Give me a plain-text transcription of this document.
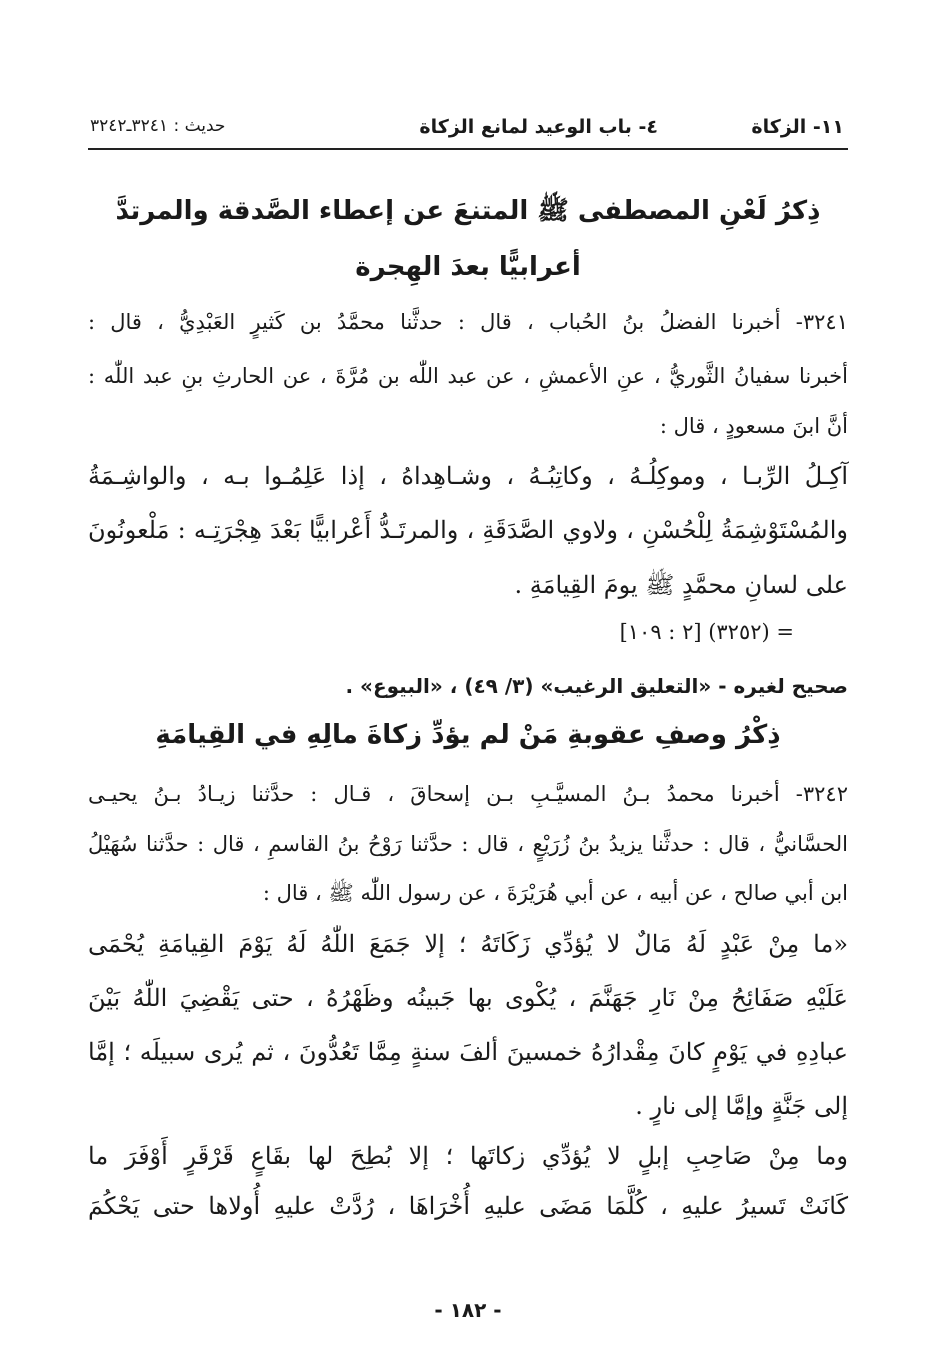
١١- الزكاة
٤- باب الوعيد لمانع الزكاة
حديث : ٣٢٤١ـ٣٢٤٢
ذِكرُ لَعْنِ المصطفى ﷺ المتنعَ عن إعطاء الصَّدقة والمرتدَّ
أعرابيًّا بعدَ الهِجرة
٣٢٤١- أخبرنا الفضلُ بنُ الحُباب ، قال : حدثَّنا محمَّدُ بن كَثيرٍ العَبْدِيُّ ، قال :
أخبرنا سفيانُ الثَّوريُّ ، عنِ الأعمشِ ، عن عبد اللّٰه بن مُرَّةَ ، عن الحارثِ بنِ عبد اللّٰه :
أنَّ ابنَ مسعودٍ ، قال :
آكِـلُ الرِّبـا ، وموكِلُـهُ ، وكاتِبُـهُ ، وشـاهِداهُ ، إذا عَلِمُـوا بـه ، والواشِـمَةُ
والمُسْتَوْشِمَةُ لِلْحُسْنِ ، ولاوي الصَّدَقَةِ ، والمرتَـدُّ أَعْرابيًّا بَعْدَ هِجْرَتِـه : مَلْعونُونَ
على لسانِ محمَّدٍ ﷺ يومَ القِيامَةِ .
= (٣٢٥٢) [٢ : ١٠٩]
صحيح لغيره - «التعليق الرغيب» (٣/ ٤٩) ، «البيوع» .
ذِكْرُ وصفِ عقوبةِ مَنْ لم يؤدِّ زكاةَ مالِهِ في القِيامَةِ
٣٢٤٢- أخبرنا محمدُ بـنُ المسيَّـبِ بـن إسحاقَ ، قـال : حدَّثنا زيـادُ بـنُ يحيـى
الحسَّانيُّ ، قال : حدثَّنا يزيدُ بنُ زُرَيْعٍ ، قال : حدَّثنا رَوْحُ بنُ القاسمِ ، قال : حدَّثنا سُهَيْلُ
ابن أبي صالح ، عن أبيه ، عن أبي هُرَيْرَةَ ، عن رسول اللّٰه ﷺ ، قال :
«ما مِنْ عَبْدٍ لَهُ مَالٌ لا يُؤدِّي زَكَاتَهُ ؛ إلا جَمَعَ اللّٰهُ لَهُ يَوْمَ القِيامَةِ يُحْمَى
عَلَيْهِ صَفَائِحُ مِنْ نَارِ جَهَنَّمَ ، يُكْوى بها جَبينُه وظَهْرُهُ ، حتى يَقْضِيَ اللّٰهُ بَيْنَ
عبادِهِ في يَوْمٍ كانَ مِقْدارُهُ خمسينَ ألفَ سنةٍ مِمَّا تَعُدُّونَ ، ثم يُرى سبيلَه ؛ إمَّا
إلى جَنَّةٍ وإمَّا إلى نارٍ .
وما مِنْ صَاحِبِ إبلٍ لا يُؤدِّي زكاتَها ؛ إلا بُطِحَ لها بقَاعٍ قَرْقَرٍ أَوْفَرَ ما
كَانَتْ تَسيرُ عليهِ ، كُلَّمَا مَضَى عليهِ أُخْرَاهَا ، رُدَّتْ عليهِ أُولاها حتى يَحْكُمَ
- ١٨٢ -
